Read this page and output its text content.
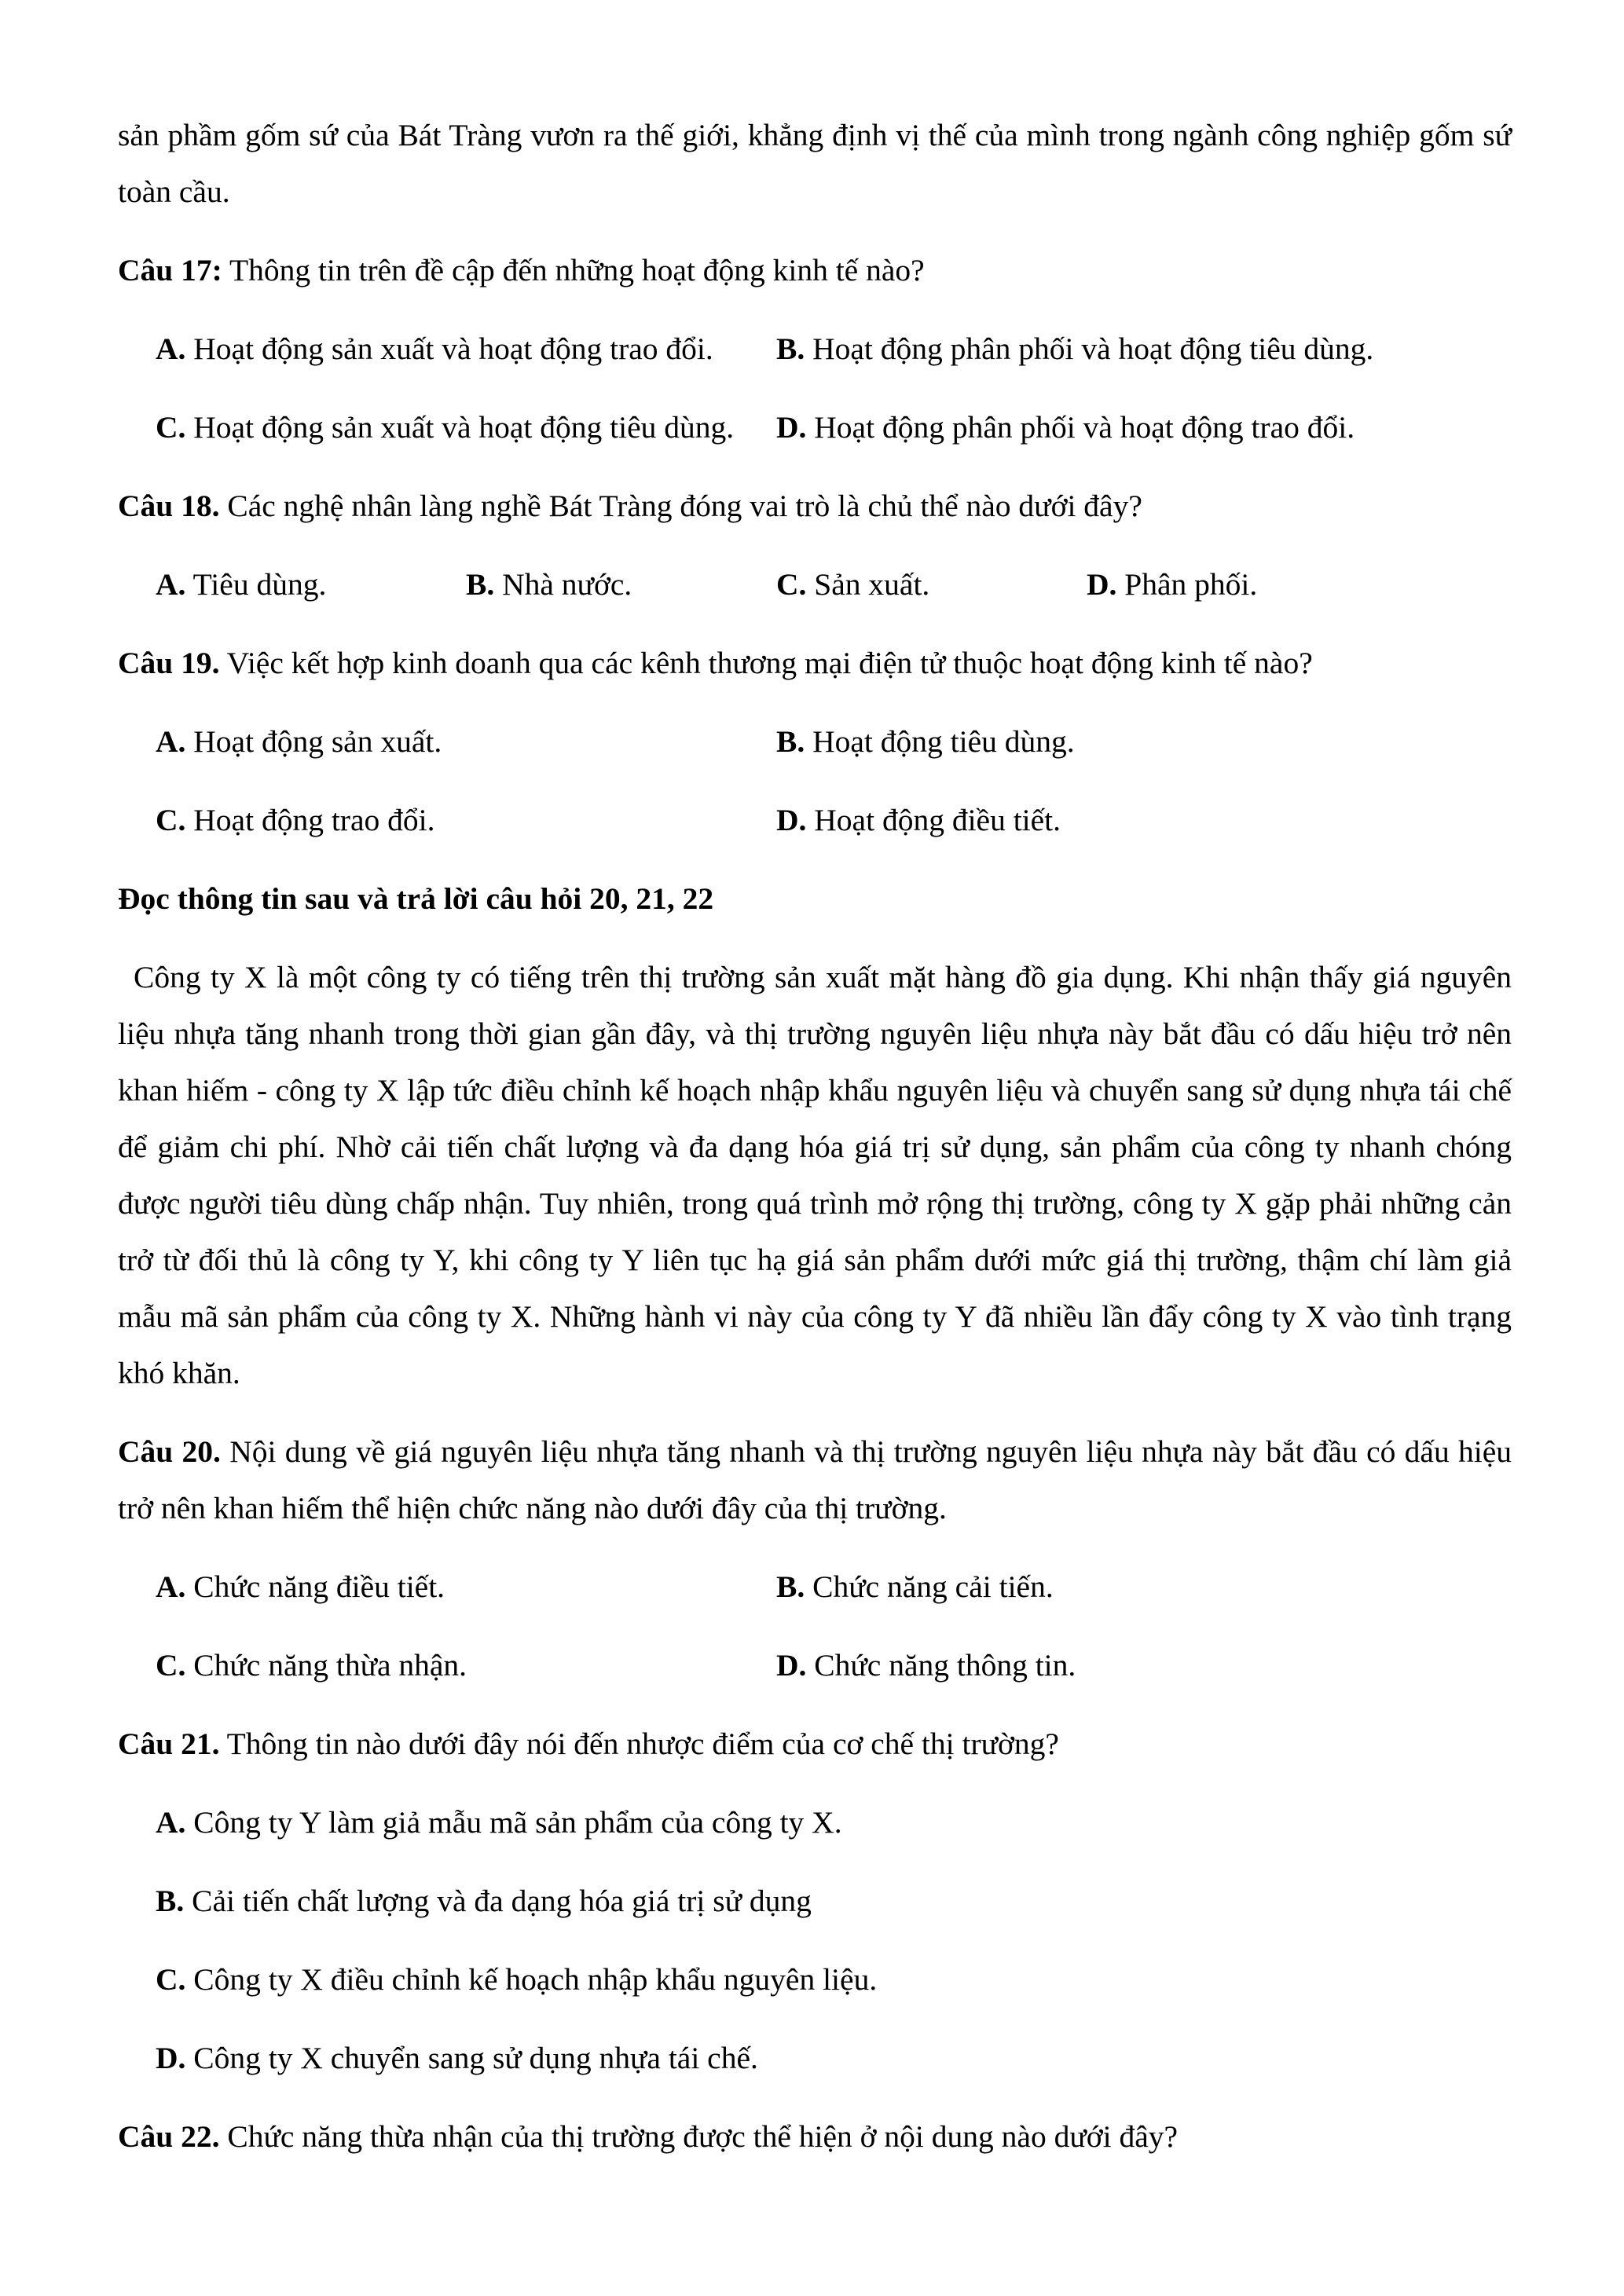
sản phầm gốm sứ của Bát Tràng vươn ra thế giới, khẳng định vị thế của mình trong ngành công nghiệp gốm sứ toàn cầu.

Câu 17: Thông tin trên đề cập đến những hoạt động kinh tế nào?

A. Hoạt động sản xuất và hoạt động trao đổi.	B. Hoạt động phân phối và hoạt động tiêu dùng.
C. Hoạt động sản xuất và hoạt động tiêu dùng.	D. Hoạt động phân phối và hoạt động trao đổi.

Câu 18. Các nghệ nhân làng nghề Bát Tràng đóng vai trò là chủ thể nào dưới đây?

A. Tiêu dùng.	B. Nhà nước.	C. Sản xuất.	D. Phân phối.

Câu 19. Việc kết hợp kinh doanh qua các kênh thương mại điện tử thuộc hoạt động kinh tế nào?

A. Hoạt động sản xuất.	B. Hoạt động tiêu dùng.
C. Hoạt động trao đổi.	D. Hoạt động điều tiết.

Đọc thông tin sau và trả lời câu hỏi 20, 21, 22

Công ty X là một công ty có tiếng trên thị trường sản xuất mặt hàng đồ gia dụng. Khi nhận thấy giá nguyên liệu nhựa tăng nhanh trong thời gian gần đây, và thị trường nguyên liệu nhựa này bắt đầu có dấu hiệu trở nên khan hiếm - công ty X lập tức điều chỉnh kế hoạch nhập khẩu nguyên liệu và chuyển sang sử dụng nhựa tái chế để giảm chi phí. Nhờ cải tiến chất lượng và đa dạng hóa giá trị sử dụng, sản phẩm của công ty nhanh chóng được người tiêu dùng chấp nhận. Tuy nhiên, trong quá trình mở rộng thị trường, công ty X gặp phải những cản trở từ đối thủ là công ty Y, khi công ty Y liên tục hạ giá sản phẩm dưới mức giá thị trường, thậm chí làm giả mẫu mã sản phẩm của công ty X. Những hành vi này của công ty Y đã nhiều lần đẩy công ty X vào tình trạng khó khăn.

Câu 20. Nội dung về giá nguyên liệu nhựa tăng nhanh và thị trường nguyên liệu nhựa này bắt đầu có dấu hiệu trở nên khan hiếm thể hiện chức năng nào dưới đây của thị trường.

A. Chức năng điều tiết.	B. Chức năng cải tiến.
C. Chức năng thừa nhận.	D. Chức năng thông tin.

Câu 21. Thông tin nào dưới đây nói đến nhược điểm của cơ chế thị trường?

A. Công ty Y làm giả mẫu mã sản phẩm của công ty X.

B. Cải tiến chất lượng và đa dạng hóa giá trị sử dụng

C. Công ty X điều chỉnh kế hoạch nhập khẩu nguyên liệu.

D. Công ty X chuyển sang sử dụng nhựa tái chế.

Câu 22. Chức năng thừa nhận của thị trường được thể hiện ở nội dung nào dưới đây?
